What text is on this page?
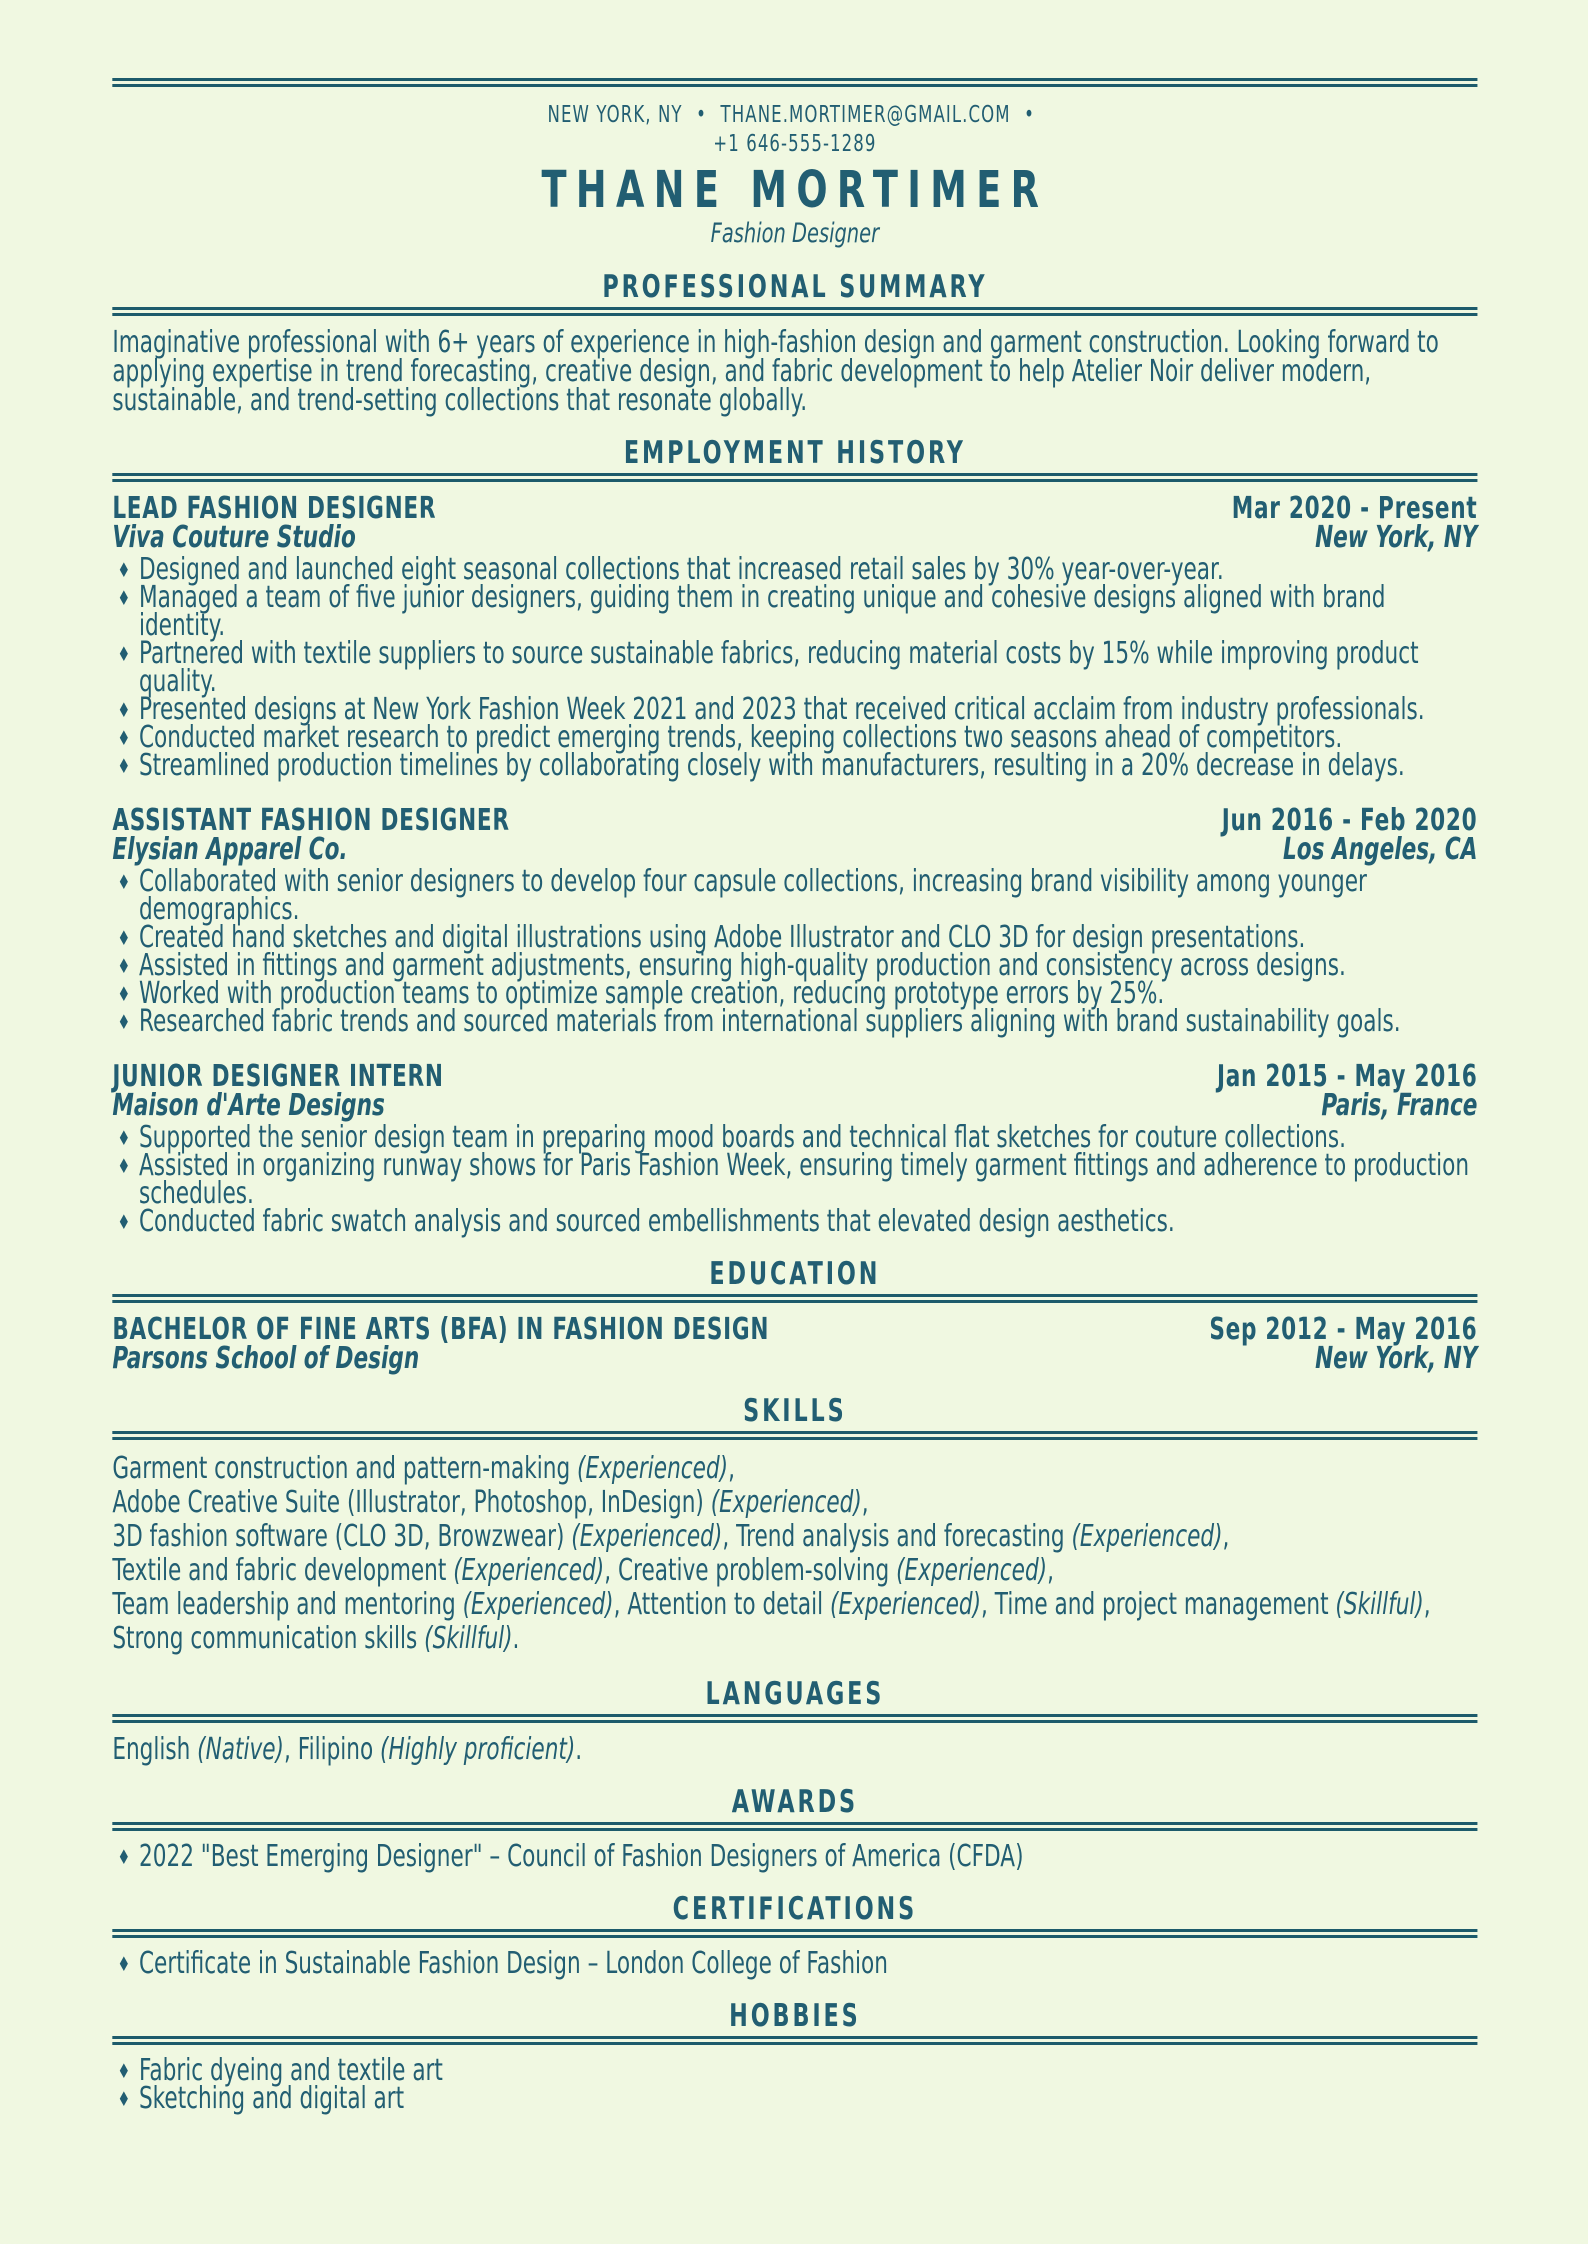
NEW YORK, NY • THANE.MORTIMER@GMAIL.COM •
+1 646-555-1289
THANE MORTIMER
Fashion Designer
PROFESSIONAL SUMMARY

Imaginative professional with 6+ years of experience in high-fashion design and garment construction. Looking forward to applying expertise in trend forecasting, creative design, and fabric development to help Atelier Noir deliver modern, sustainable, and trend-setting collections that resonate globally.

EMPLOYMENT HISTORY
LEAD FASHION DESIGNER
Viva Couture Studio
Mar 2020 - Present
New York, NY
♦ Designed and launched eight seasonal collections that increased retail sales by 30% year-over-year.
♦ Managed a team of five junior designers, guiding them in creating unique and cohesive designs aligned with brand identity.
♦ Partnered with textile suppliers to source sustainable fabrics, reducing material costs by 15% while improving product quality.
♦ Presented designs at New York Fashion Week 2021 and 2023 that received critical acclaim from industry professionals.
♦ Conducted market research to predict emerging trends, keeping collections two seasons ahead of competitors.
♦ Streamlined production timelines by collaborating closely with manufacturers, resulting in a 20% decrease in delays.
ASSISTANT FASHION DESIGNER
Elysian Apparel Co.
Jun 2016 - Feb 2020
Los Angeles, CA
♦ Collaborated with senior designers to develop four capsule collections, increasing brand visibility among younger demographics.
♦ Created hand sketches and digital illustrations using Adobe Illustrator and CLO 3D for design presentations.
♦ Assisted in fittings and garment adjustments, ensuring high-quality production and consistency across designs.
♦ Worked with production teams to optimize sample creation, reducing prototype errors by 25%.
♦ Researched fabric trends and sourced materials from international suppliers aligning with brand sustainability goals.
JUNIOR DESIGNER INTERN
Maison d'Arte Designs
Jan 2015 - May 2016
Paris, France
♦ Supported the senior design team in preparing mood boards and technical flat sketches for couture collections.
♦ Assisted in organizing runway shows for Paris Fashion Week, ensuring timely garment fittings and adherence to production schedules.
♦ Conducted fabric swatch analysis and sourced embellishments that elevated design aesthetics.
EDUCATION
BACHELOR OF FINE ARTS (BFA) IN FASHION DESIGN
Parsons School of Design
Sep 2012 - May 2016
New York, NY
SKILLS
Garment construction and pattern-making (Experienced),
Adobe Creative Suite (Illustrator, Photoshop, InDesign) (Experienced),
3D fashion software (CLO 3D, Browzwear) (Experienced), Trend analysis and forecasting (Experienced),
Textile and fabric development (Experienced), Creative problem-solving (Experienced),
Team leadership and mentoring (Experienced), Attention to detail (Experienced), Time and project management (Skillful),
Strong communication skills (Skillful).
LANGUAGES
English (Native), Filipino (Highly proficient).
AWARDS
♦ 2022 "Best Emerging Designer" – Council of Fashion Designers of America (CFDA)
CERTIFICATIONS
♦ Certificate in Sustainable Fashion Design – London College of Fashion
HOBBIES
♦ Fabric dyeing and textile art
♦ Sketching and digital art
